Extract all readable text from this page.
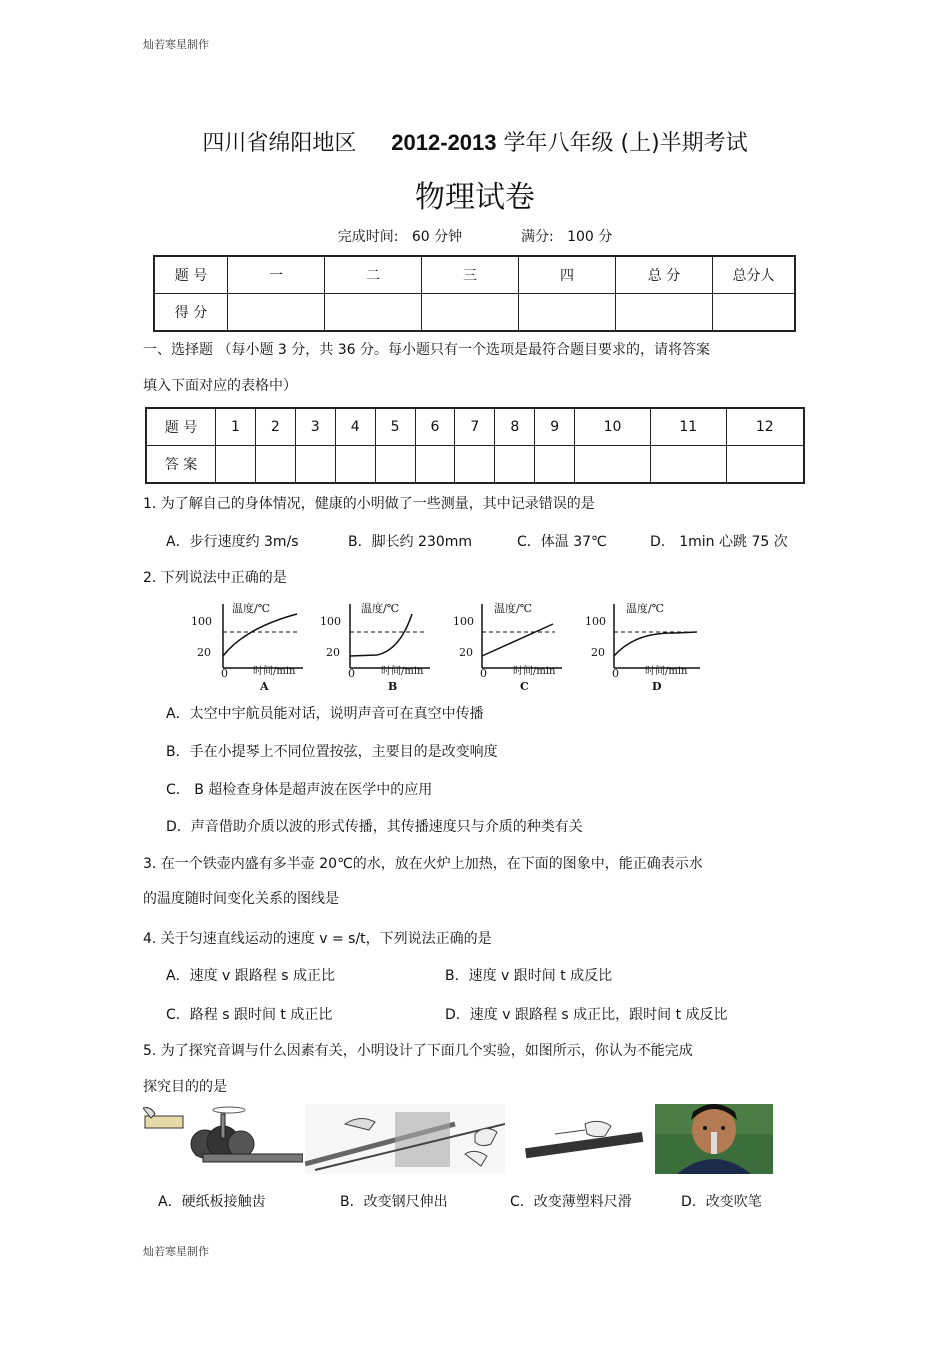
灿若寒星制作
四川省绵阳地区 2012-2013 学年八年级 (上)半期考试
物理试卷
完成时间: 60 分钟	满分: 100 分
题 号	一	二	三	四	总 分	总分人
得 分						
一、选择题 （每小题 3 分，共 36 分。每小题只有一个选项是最符合题目要求的，请将答案
填入下面对应的表格中）
题 号	1	2	3	4	5	6	7	8	9	10	11	12
答 案												
1. 为了解自己的身体情况，健康的小明做了一些测量，其中记录错误的是
A．步行速度约 3m/s	B．脚长约 230mm	C．体温 37℃	D． 1min 心跳 75 次
2. 下列说法中正确的是
温度/℃
100
20
0	时间/min
A
温度/℃
100
20
0	时间/min
B
温度/℃
100
20
0	时间/min
C
温度/℃
100
20
0	时间/min
D
A．太空中宇航员能对话，说明声音可在真空中传播
B．手在小提琴上不同位置按弦，主要目的是改变响度
C． B 超检查身体是超声波在医学中的应用
D．声音借助介质以波的形式传播，其传播速度只与介质的种类有关
3. 在一个铁壶内盛有多半壶 20℃的水，放在火炉上加热，在下面的图象中，能正确表示水
的温度随时间变化关系的图线是
4. 关于匀速直线运动的速度 v = s/t，下列说法正确的是
A．速度 v 跟路程 s 成正比	B．速度 v 跟时间 t 成反比
C．路程 s 跟时间 t 成正比	D．速度 v 跟路程 s 成正比，跟时间 t 成反比
5. 为了探究音调与什么因素有关，小明设计了下面几个实验，如图所示，你认为不能完成
探究目的的是
A．硬纸板接触齿	B．改变钢尺伸出	C．改变薄塑料尺滑	D．改变吹笔
灿若寒星制作
